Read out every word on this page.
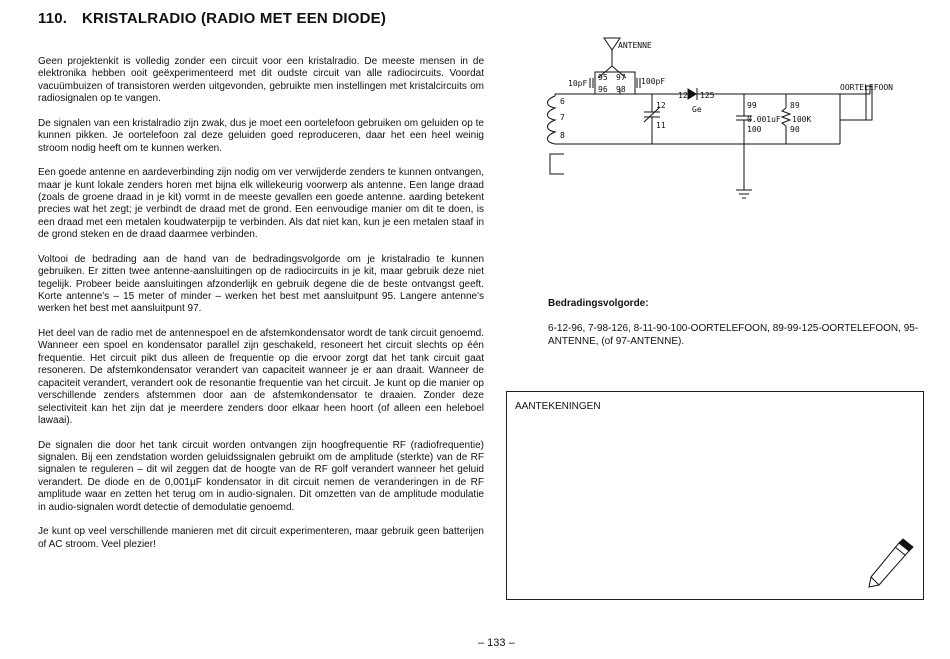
110. KRISTALRADIO (RADIO MET EEN DIODE)

Geen projektenkit is volledig zonder een circuit voor een kristalradio. De meeste mensen in de elektronika hebben ooit geëxperimenteerd met dit oudste circuit van alle radiocircuits. Voordat vacuümbuizen of transistoren werden uitgevonden, gebruikte men instellingen met kristalcircuits om radiosignalen op te vangen.

De signalen van een kristalradio zijn zwak, dus je moet een oortelefoon gebruiken om geluiden op te kunnen pikken. Je oortelefoon zal deze geluiden goed reproduceren, daar het een heel weinig stroom nodig heeft om te kunnen werken.

Een goede antenne en aardeverbinding zijn nodig om ver verwijderde zenders te kunnen ontvangen, maar je kunt lokale zenders horen met bijna elk willekeurig voorwerp als antenne. Een lange draad (zoals de groene draad in je kit) vormt in de meeste gevallen een goede antenne. aarding betekent precies wat het zegt; je verbindt de draad met de grond. Een eenvoudige manier om dit te doen, is een draad met een metalen koudwaterpijp te verbinden. Als dat niet kan, kun je een metalen staaf in de grond steken en de draad daarmee verbinden.

Voltooi de bedrading aan de hand van de bedradingsvolgorde om je kristalradio te kunnen gebruiken. Er zitten twee antenne-aansluitingen op de radiocircuits in je kit, maar gebruik deze niet tegelijk. Probeer beide aansluitingen afzonderlijk en gebruik degene die de beste ontvangst geeft. Korte antenne's – 15 meter of minder – werken het best met aansluitpunt 95. Langere antenne's werken het best met aansluitpunt 97.

Het deel van de radio met de antennespoel en de afstemkondensator wordt de tank circuit genoemd. Wanneer een spoel en kondensator parallel zijn geschakeld, resoneert het circuit slechts op één frequentie. Het circuit pikt dus alleen de frequentie op die ervoor zorgt dat het tank circuit gaat resoneren. De afstemkondensator verandert van capaciteit wanneer je er aan draait. Wanneer de capaciteit verandert, verandert ook de resonantie frequentie van het circuit. Je kunt op die manier op verschillende zenders afstemmen door aan de afstemkondensator te draaien. Zonder deze selectiviteit kan het zijn dat je meerdere zenders door elkaar heen hoort (of alleen een heleboel lawaai).

De signalen die door het tank circuit worden ontvangen zijn hoogfrequentie RF (radiofrequentie) signalen. Bij een zendstation worden geluidssignalen gebruikt om de amplitude (sterkte) van de RF signalen te reguleren – dit wil zeggen dat de hoogte van de RF golf verandert wanneer het geluid verandert. De diode en de 0,001µF kondensator in dit circuit nemen de veranderingen in de RF amplitude waar en zetten het terug om in audio-signalen. Dit omzetten van de amplitude modulatie in audio-signalen wordt detectie of demodulatie genoemd.

Je kunt op veel verschillende manieren met dit circuit experimenteren, maar gebruik geen batterijen of AC stroom. Veel plezier!

ANTENNE
95 97
96 98
10pF	100pF
6
7
8
12
11
126 125
Ge	99	89
0.001uF 100K
100	90
OORTELEFOON
Bedradingsvolgorde:
6-12-96, 7-98-126, 8-11-90-100-OORTELEFOON, 89-99-125-OORTELEFOON, 95-ANTENNE, (of 97-ANTENNE).
AANTEKENINGEN
– 133 –
